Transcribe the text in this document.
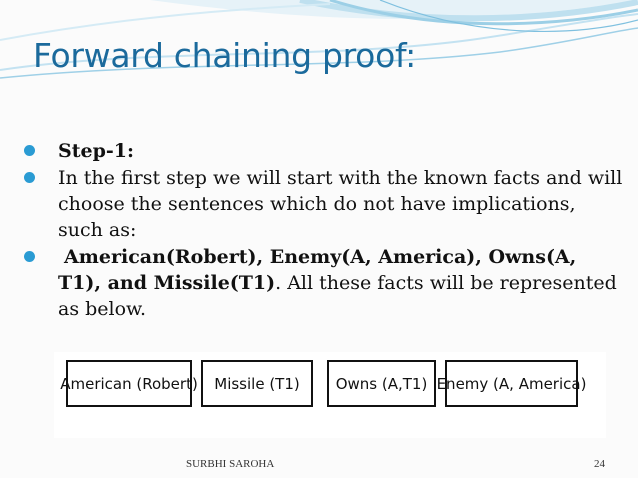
Forward chaining proof:
Step-1:
In the first step we will start with the known facts and will choose the sentences which do not have implications, such as:
American(Robert), Enemy(A, America), Owns(A, T1), and Missile(T1). All these facts will be represented as below.
American (Robert)	Missile (T1)	Owns (A,T1) Enemy (A, America)
SURBHI SAROHA	24
